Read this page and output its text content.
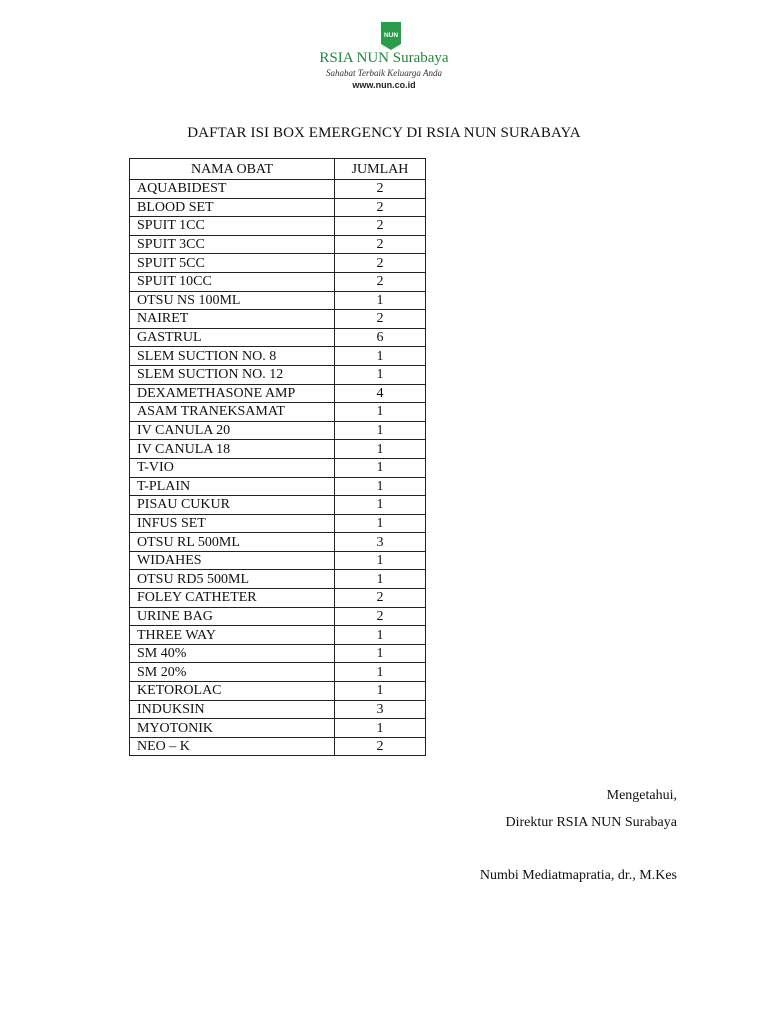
NUN
RSIA NUN Surabaya
Sahabat Terbaik Keluarga Anda
www.nun.co.id
DAFTAR ISI BOX EMERGENCY DI RSIA NUN SURABAYA
NAMA OBAT	JUMLAH
AQUABIDEST	2
BLOOD SET	2
SPUIT 1CC	2
SPUIT 3CC	2
SPUIT 5CC	2
SPUIT 10CC	2
OTSU NS 100ML	1
NAIRET	2
GASTRUL	6
SLEM SUCTION NO. 8	1
SLEM SUCTION NO. 12	1
DEXAMETHASONE AMP	4
ASAM TRANEKSAMAT	1
IV CANULA 20	1
IV CANULA 18	1
T-VIO	1
T-PLAIN	1
PISAU CUKUR	1
INFUS SET	1
OTSU RL 500ML	3
WIDAHES	1
OTSU RD5 500ML	1
FOLEY CATHETER	2
URINE BAG	2
THREE WAY	1
SM 40%	1
SM 20%	1
KETOROLAC	1
INDUKSIN	3
MYOTONIK	1
NEO – K	2
Mengetahui,
Direktur RSIA NUN Surabaya
Numbi Mediatmapratia, dr., M.Kes
